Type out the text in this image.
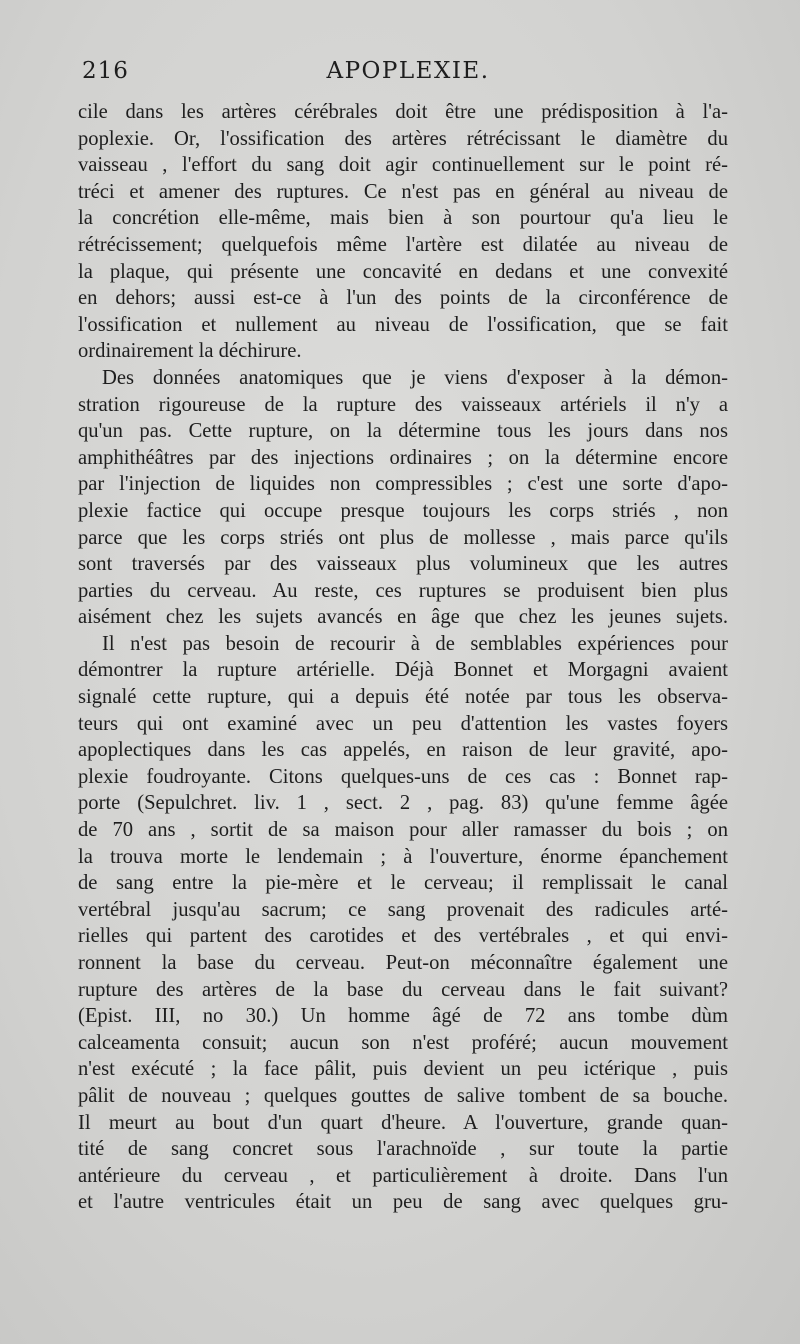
216	APOPLEXIE.
cile dans les artères cérébrales doit être une prédisposition à l'a-
poplexie. Or, l'ossification des artères rétrécissant le diamètre du
vaisseau , l'effort du sang doit agir continuellement sur le point ré-
tréci et amener des ruptures. Ce n'est pas en général au niveau de
la concrétion elle-même, mais bien à son pourtour qu'a lieu le
rétrécissement; quelquefois même l'artère est dilatée au niveau de
la plaque, qui présente une concavité en dedans et une convexité
en dehors; aussi est-ce à l'un des points de la circonférence de
l'ossification et nullement au niveau de l'ossification, que se fait
ordinairement la déchirure.
Des données anatomiques que je viens d'exposer à la démon-
stration rigoureuse de la rupture des vaisseaux artériels il n'y a
qu'un pas. Cette rupture, on la détermine tous les jours dans nos
amphithéâtres par des injections ordinaires ; on la détermine encore
par l'injection de liquides non compressibles ; c'est une sorte d'apo-
plexie factice qui occupe presque toujours les corps striés , non
parce que les corps striés ont plus de mollesse , mais parce qu'ils
sont traversés par des vaisseaux plus volumineux que les autres
parties du cerveau. Au reste, ces ruptures se produisent bien plus
aisément chez les sujets avancés en âge que chez les jeunes sujets.
Il n'est pas besoin de recourir à de semblables expériences pour
démontrer la rupture artérielle. Déjà Bonnet et Morgagni avaient
signalé cette rupture, qui a depuis été notée par tous les observa-
teurs qui ont examiné avec un peu d'attention les vastes foyers
apoplectiques dans les cas appelés, en raison de leur gravité, apo-
plexie foudroyante. Citons quelques-uns de ces cas : Bonnet rap-
porte (Sepulchret. liv. 1 , sect. 2 , pag. 83) qu'une femme âgée
de 70 ans , sortit de sa maison pour aller ramasser du bois ; on
la trouva morte le lendemain ; à l'ouverture, énorme épanchement
de sang entre la pie-mère et le cerveau; il remplissait le canal
vertébral jusqu'au sacrum; ce sang provenait des radicules arté-
rielles qui partent des carotides et des vertébrales , et qui envi-
ronnent la base du cerveau. Peut-on méconnaître également une
rupture des artères de la base du cerveau dans le fait suivant?
(Epist. III, no 30.) Un homme âgé de 72 ans tombe dùm
calceamenta consuit; aucun son n'est proféré; aucun mouvement
n'est exécuté ; la face pâlit, puis devient un peu ictérique , puis
pâlit de nouveau ; quelques gouttes de salive tombent de sa bouche.
Il meurt au bout d'un quart d'heure. A l'ouverture, grande quan-
tité de sang concret sous l'arachnoïde , sur toute la partie
antérieure du cerveau , et particulièrement à droite. Dans l'un
et l'autre ventricules était un peu de sang avec quelques gru-
